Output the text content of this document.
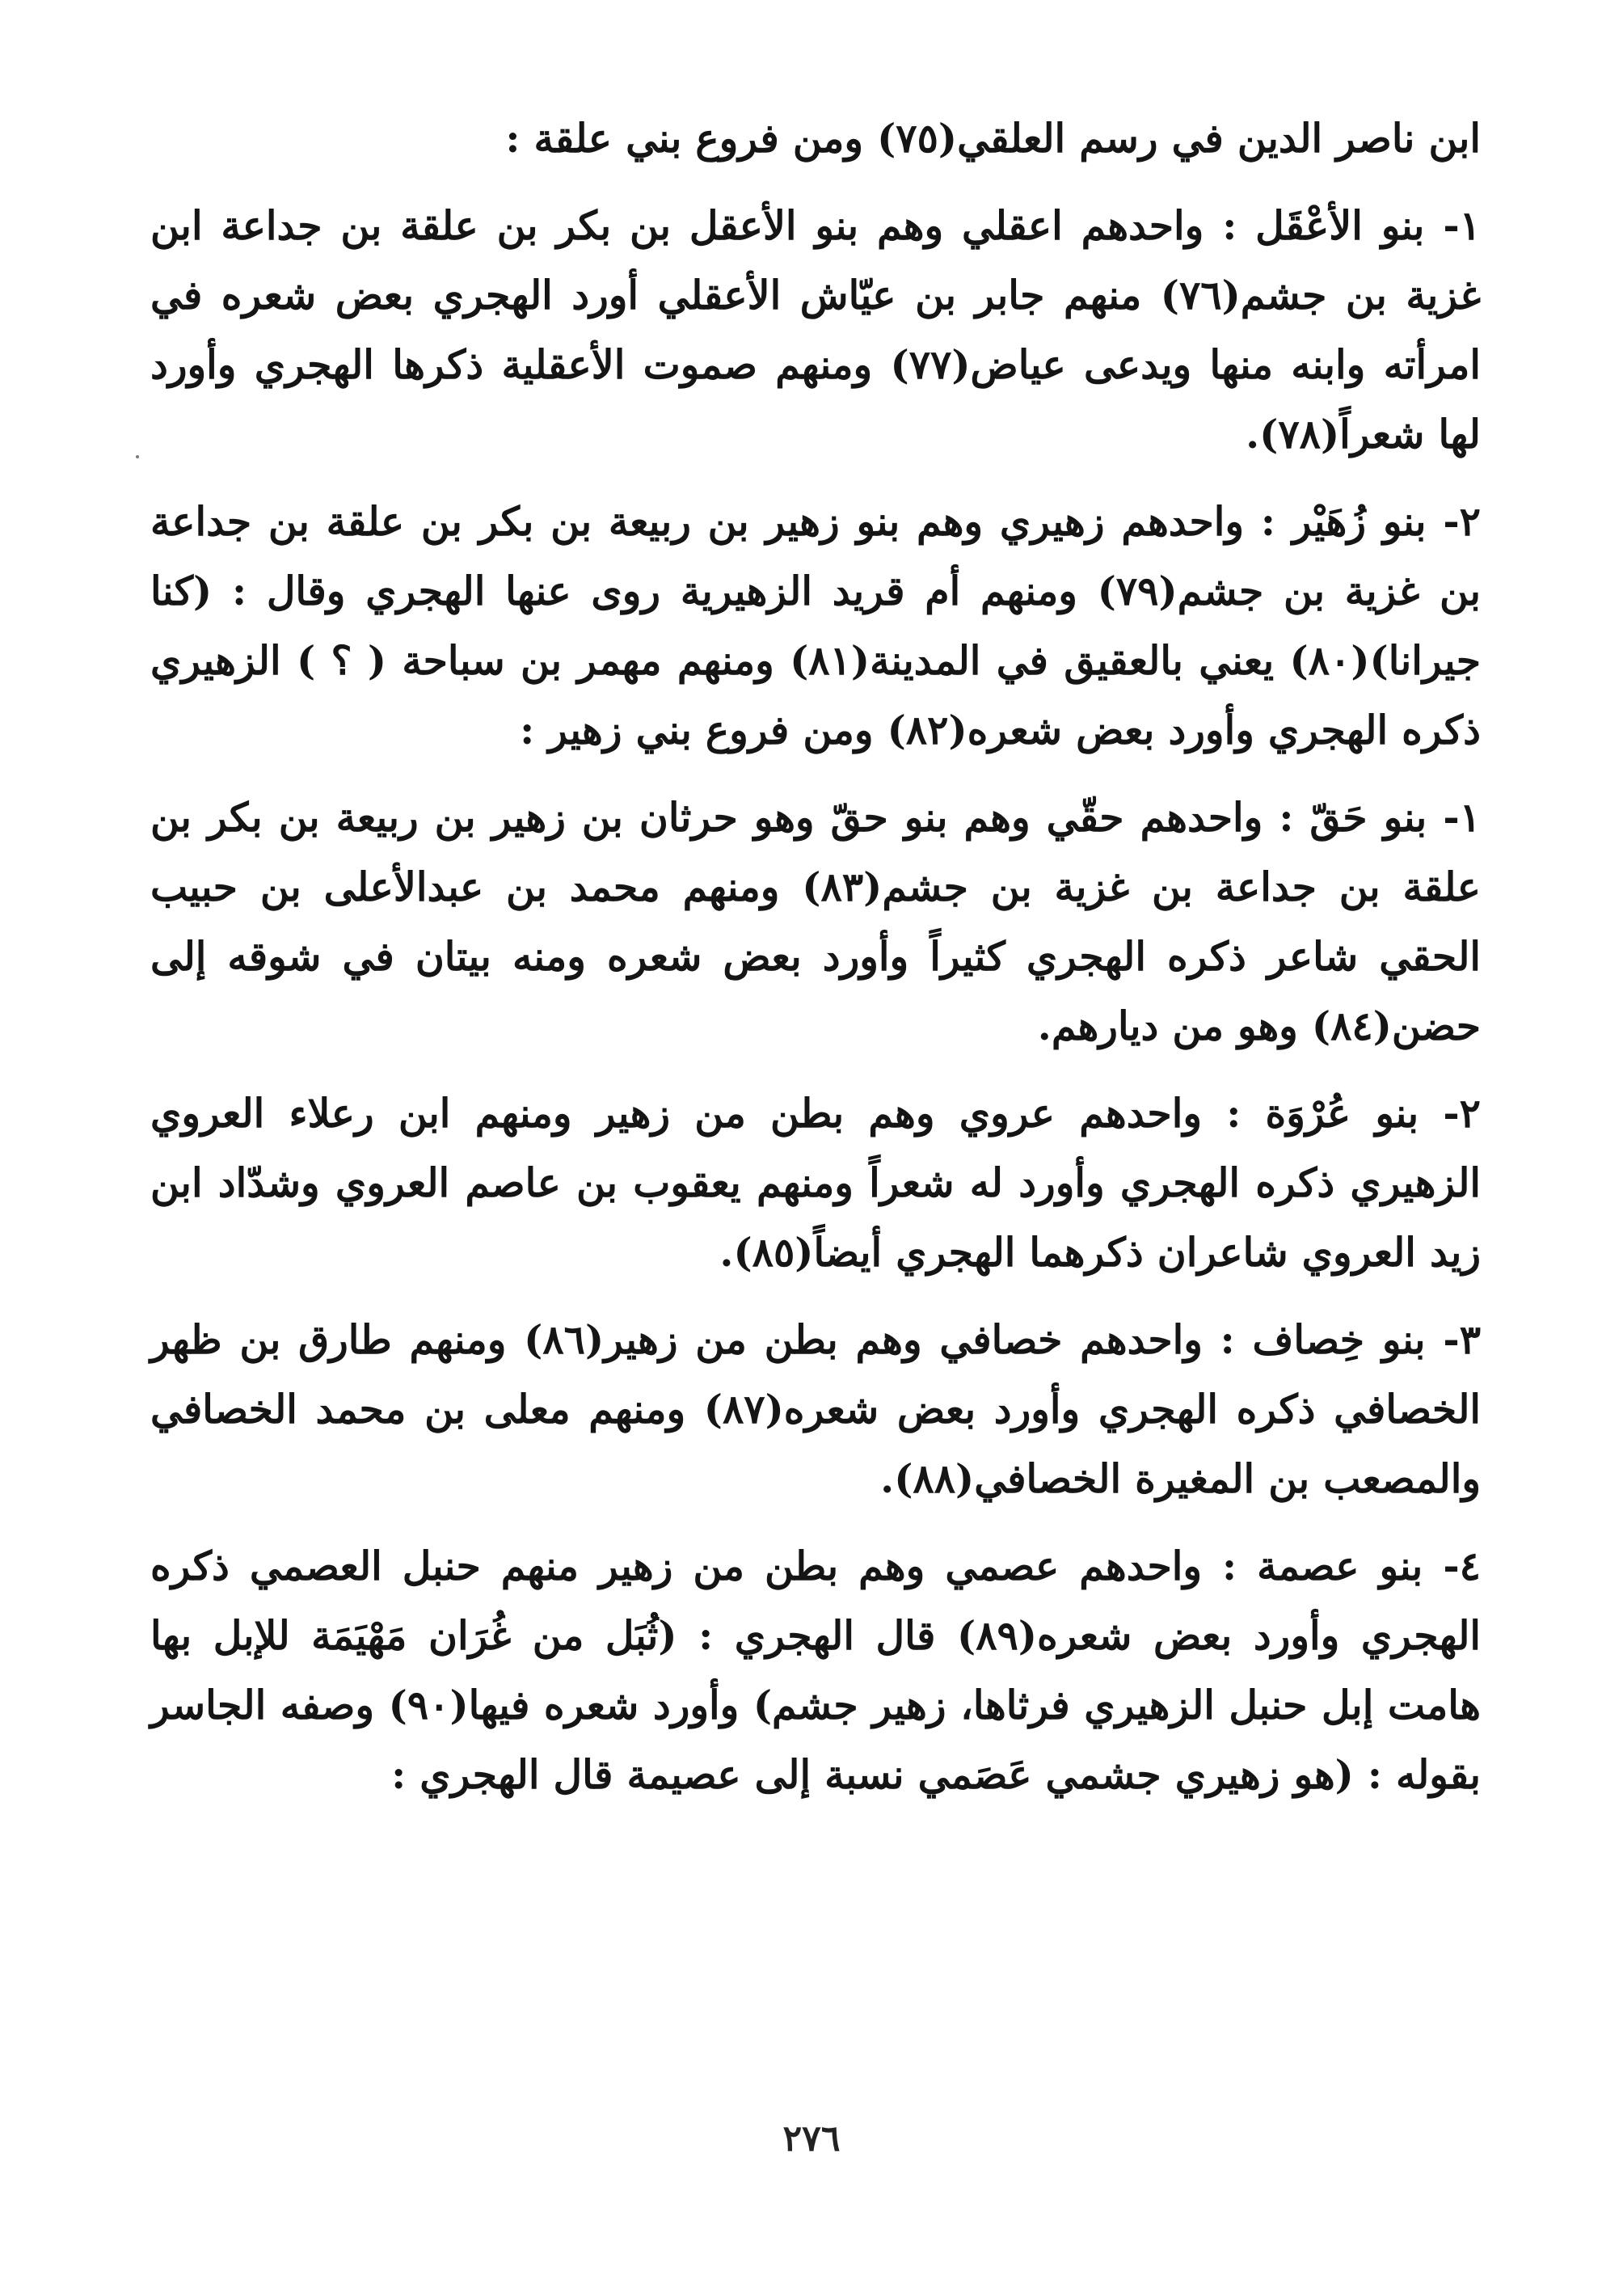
ابن ناصر الدين في رسم العلقي(٧٥) ومن فروع بني علقة :

١- بنو الأعْقَل : واحدهم اعقلي وهم بنو الأعقل بن بكر بن علقة بن جداعة ابن غزية بن جشم(٧٦) منهم جابر بن عيّاش الأعقلي أورد الهجري بعض شعره في امرأته وابنه منها ويدعى عياض(٧٧) ومنهم صموت الأعقلية ذكرها الهجري وأورد لها شعراً(٧٨).

٢- بنو زُهَيْر : واحدهم زهيري وهم بنو زهير بن ربيعة بن بكر بن علقة بن جداعة بن غزية بن جشم(٧٩) ومنهم أم قريد الزهيرية روى عنها الهجري وقال : (كنا جيرانا)(٨٠) يعني بالعقيق في المدينة(٨١) ومنهم مهمر بن سباحة ( ؟ ) الزهيري ذكره الهجري وأورد بعض شعره(٨٢) ومن فروع بني زهير :

١- بنو حَقّ : واحدهم حقّي وهم بنو حقّ وهو حرثان بن زهير بن ربيعة بن بكر بن علقة بن جداعة بن غزية بن جشم(٨٣) ومنهم محمد بن عبدالأعلى بن حبيب الحقي شاعر ذكره الهجري كثيراً وأورد بعض شعره ومنه بيتان في شوقه إلى حضن(٨٤) وهو من ديارهم.

٢- بنو عُرْوَة : واحدهم عروي وهم بطن من زهير ومنهم ابن رعلاء العروي الزهيري ذكره الهجري وأورد له شعراً ومنهم يعقوب بن عاصم العروي وشدّاد ابن زيد العروي شاعران ذكرهما الهجري أيضاً(٨٥).

٣- بنو خِصاف : واحدهم خصافي وهم بطن من زهير(٨٦) ومنهم طارق بن ظهر الخصافي ذكره الهجري وأورد بعض شعره(٨٧) ومنهم معلى بن محمد الخصافي والمصعب بن المغيرة الخصافي(٨٨).

٤- بنو عصمة : واحدهم عصمي وهم بطن من زهير منهم حنبل العصمي ذكره الهجري وأورد بعض شعره(٨٩) قال الهجري : (ثُبَل من غُرَان مَهْيَمَة للإبل بها هامت إبل حنبل الزهيري فرثاها، زهير جشم) وأورد شعره فيها(٩٠) وصفه الجاسر بقوله : (هو زهيري جشمي عَصَمي نسبة إلى عصيمة قال الهجري :

٢٧٦
